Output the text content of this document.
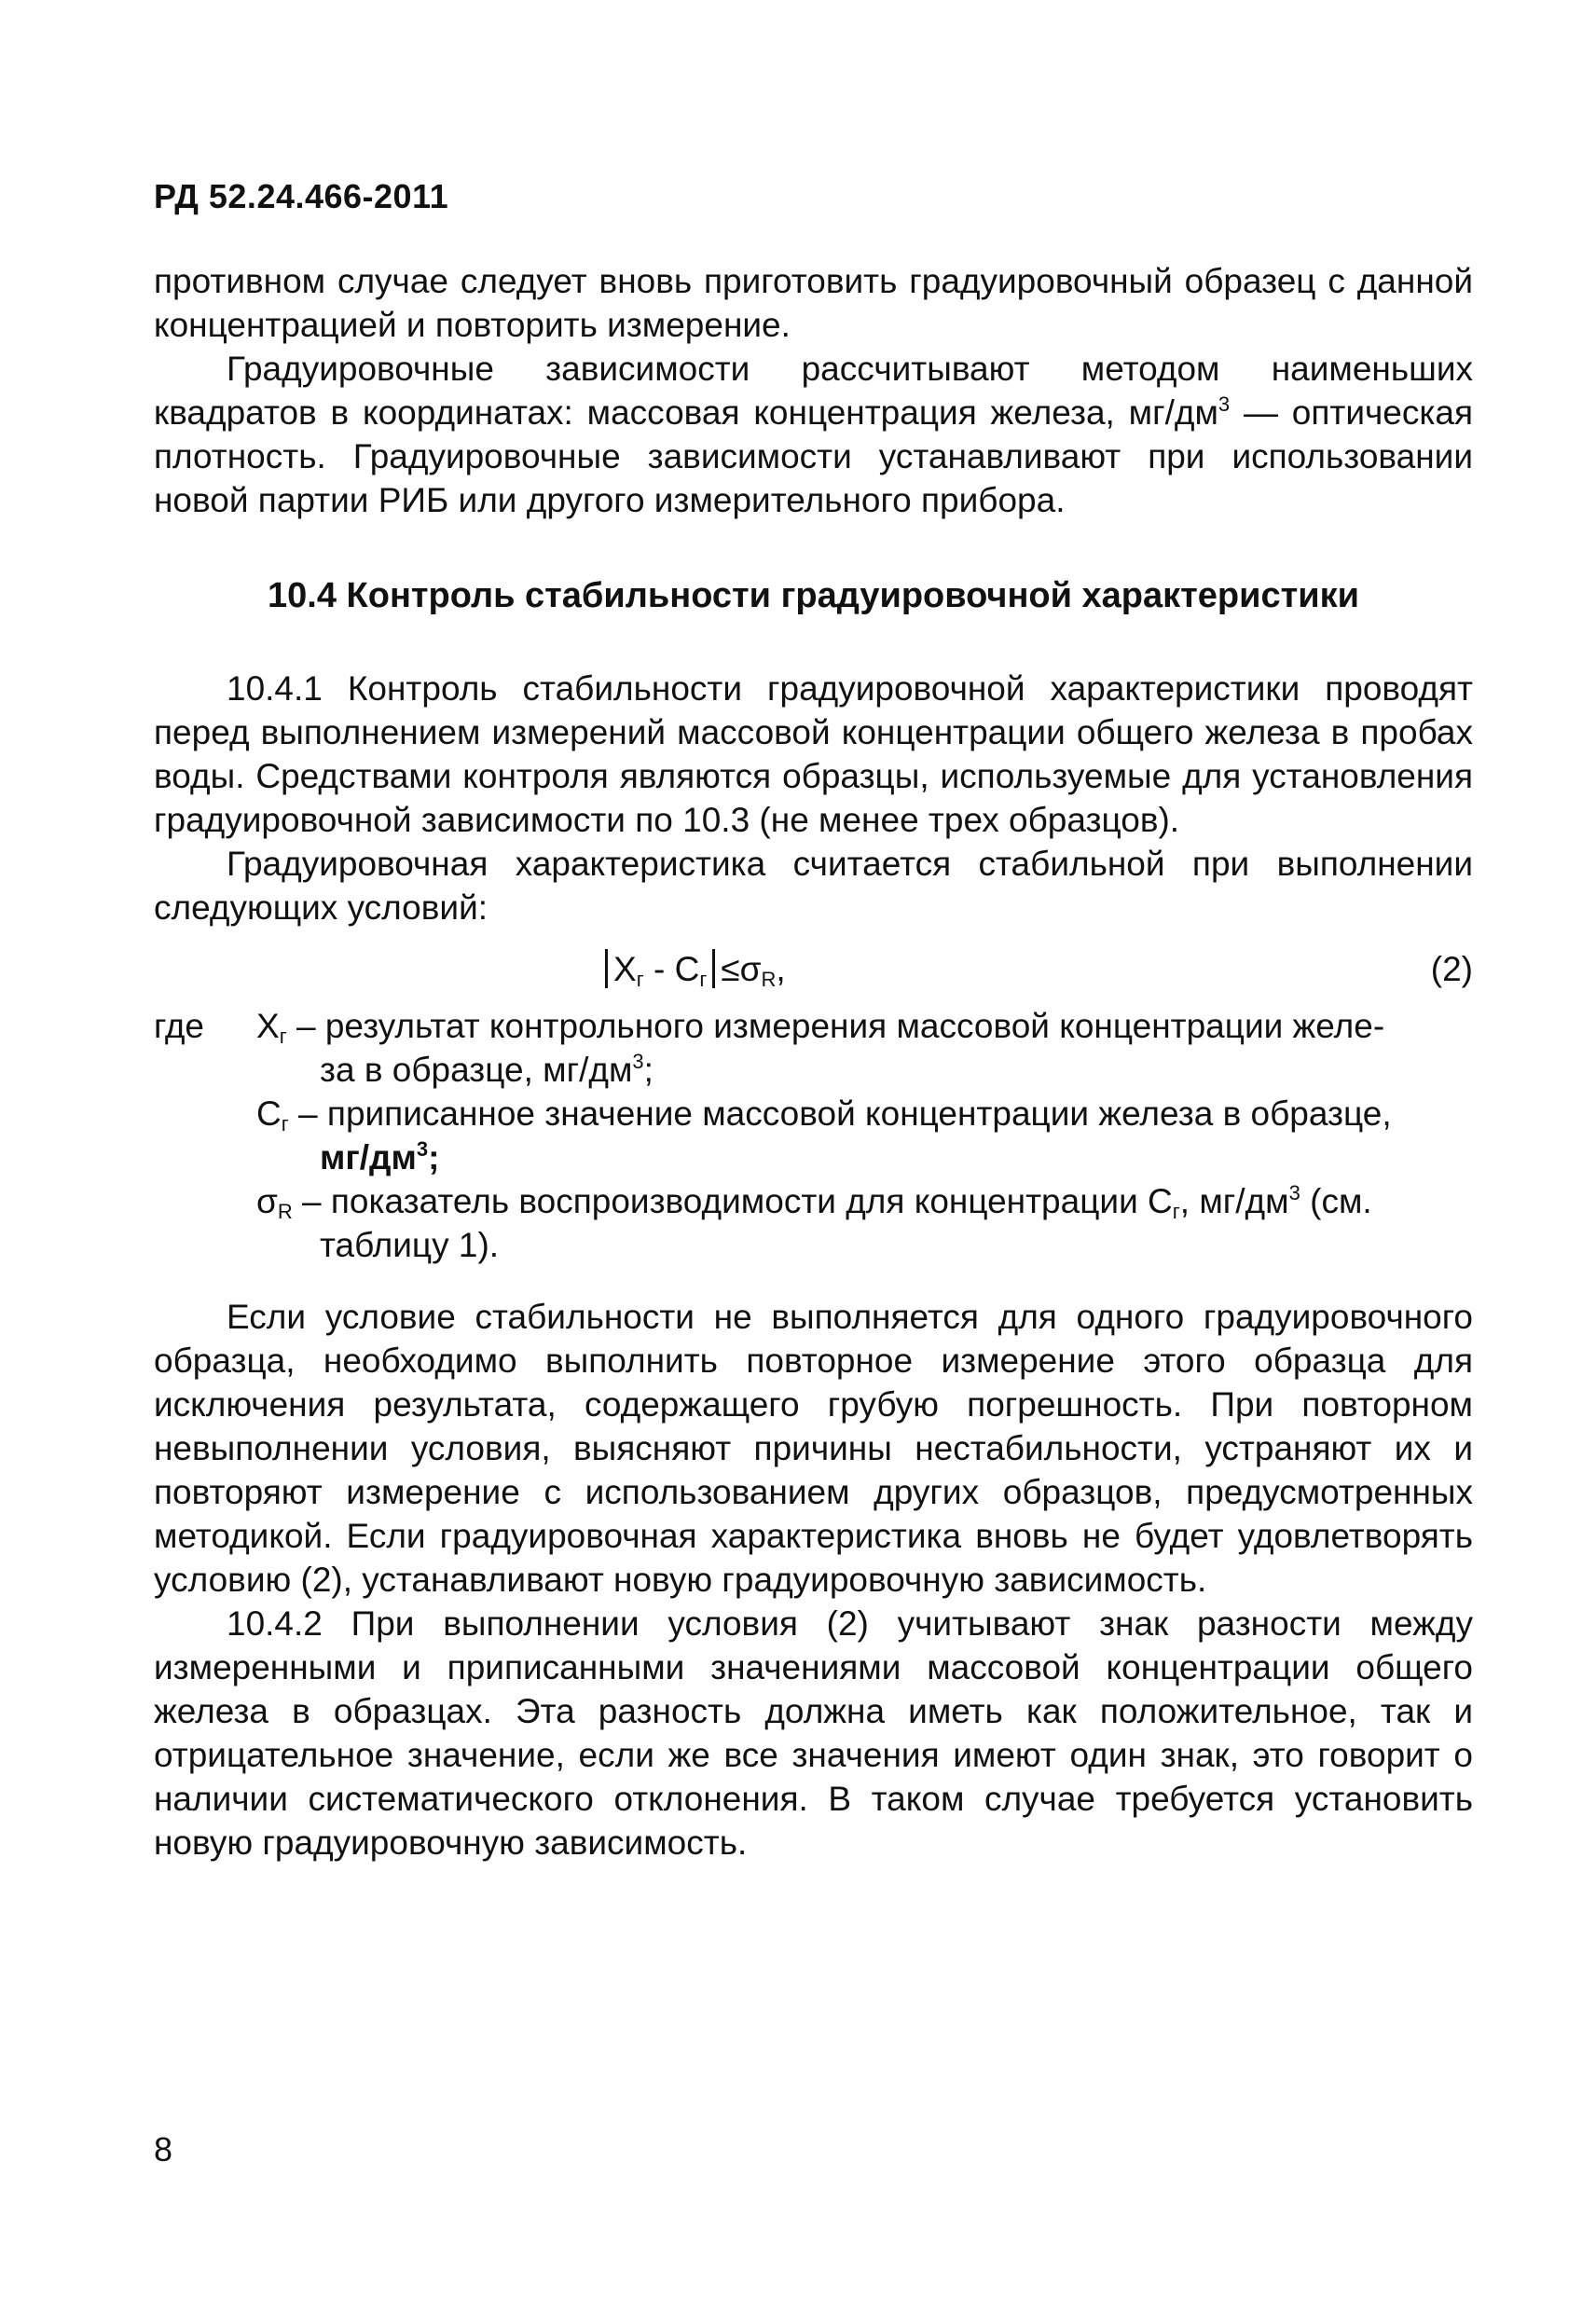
РД 52.24.466-2011

противном случае следует вновь приготовить градуировочный образец с данной концентрацией и повторить измерение.

Градуировочные зависимости рассчитывают методом наименьших квадратов в координатах: массовая концентрация железа, $мг/дм^3$ — оптическая плотность. Градуировочные зависимости устанавливают при использовании новой партии РИБ или другого измерительного прибора.

10.4 Контроль стабильности градуировочной характеристики

10.4.1 Контроль стабильности градуировочной характеристики проводят перед выполнением измерений массовой концентрации общего железа в пробах воды. Средствами контроля являются образцы, используемые для установления градуировочной зависимости по 10.3 (не менее трех образцов).

Градуировочная характеристика считается стабильной при выполнении следующих условий:

$X_г - C_г \le\sigma_R$,	(2)
где	$X_г$ – результат контрольного измерения массовой концентрации желе-
за в образце, $мг/дм^3$;
$C_г$ – приписанное значение массовой концентрации железа в образце,
$мг/дм^3$;
$\sigma_R$ – показатель воспроизводимости для концентрации $C_г$, $мг/дм^3$ (см.
таблицу 1).

Если условие стабильности не выполняется для одного градуировочного образца, необходимо выполнить повторное измерение этого образца для исключения результата, содержащего грубую погрешность. При повторном невыполнении условия, выясняют причины нестабильности, устраняют их и повторяют измерение с использованием других образцов, предусмотренных методикой. Если градуировочная характеристика вновь не будет удовлетворять условию (2), устанавливают новую градуировочную зависимость.

10.4.2 При выполнении условия (2) учитывают знак разности между измеренными и приписанными значениями массовой концентрации общего железа в образцах. Эта разность должна иметь как положительное, так и отрицательное значение, если же все значения имеют один знак, это говорит о наличии систематического отклонения. В таком случае требуется установить новую градуировочную зависимость.

8
